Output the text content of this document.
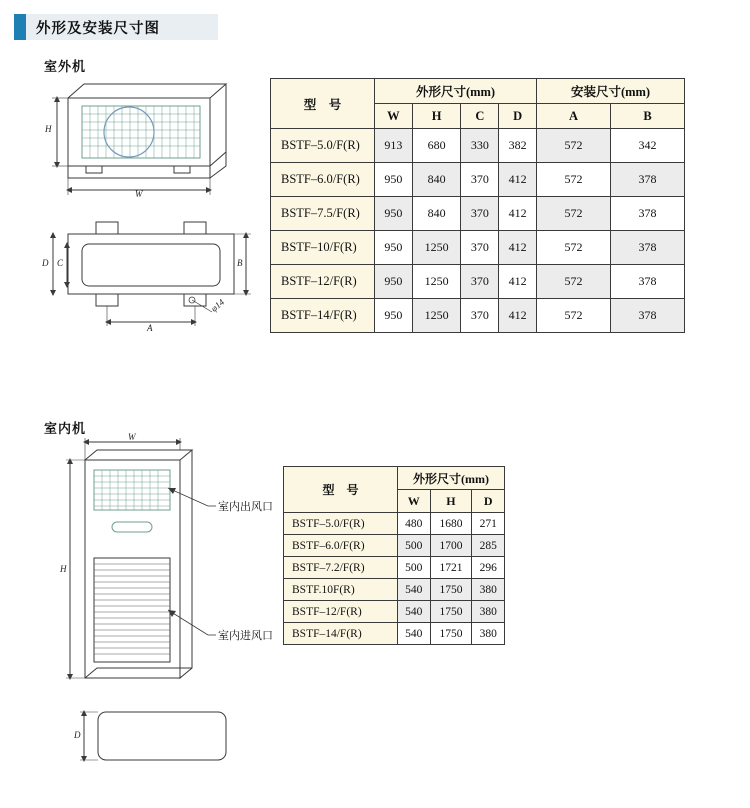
外形及安装尺寸图
室外机
室内机
H
W
D C	B
A
φ14
型　号	外形尺寸(mm)				安装尺寸(mm)	
	W	H	C	D	A	B
BSTF–5.0/F(R)	913	680	330	382	572	342
BSTF–6.0/F(R)	950	840	370	412	572	378
BSTF–7.5/F(R)	950	840	370	412	572	378
BSTF–10/F(R)	950	1250	370	412	572	378
BSTF–12/F(R)	950	1250	370	412	572	378
BSTF–14/F(R)	950	1250	370	412	572	378
W
H
D
室内出风口
室内进风口
型　号	外形尺寸(mm)		
	W	H	D
BSTF–5.0/F(R)	480	1680	271
BSTF–6.0/F(R)	500	1700	285
BSTF–7.2/F(R)	500	1721	296
BSTF.10F(R)	540	1750	380
BSTF–12/F(R)	540	1750	380
BSTF–14/F(R)	540	1750	380
